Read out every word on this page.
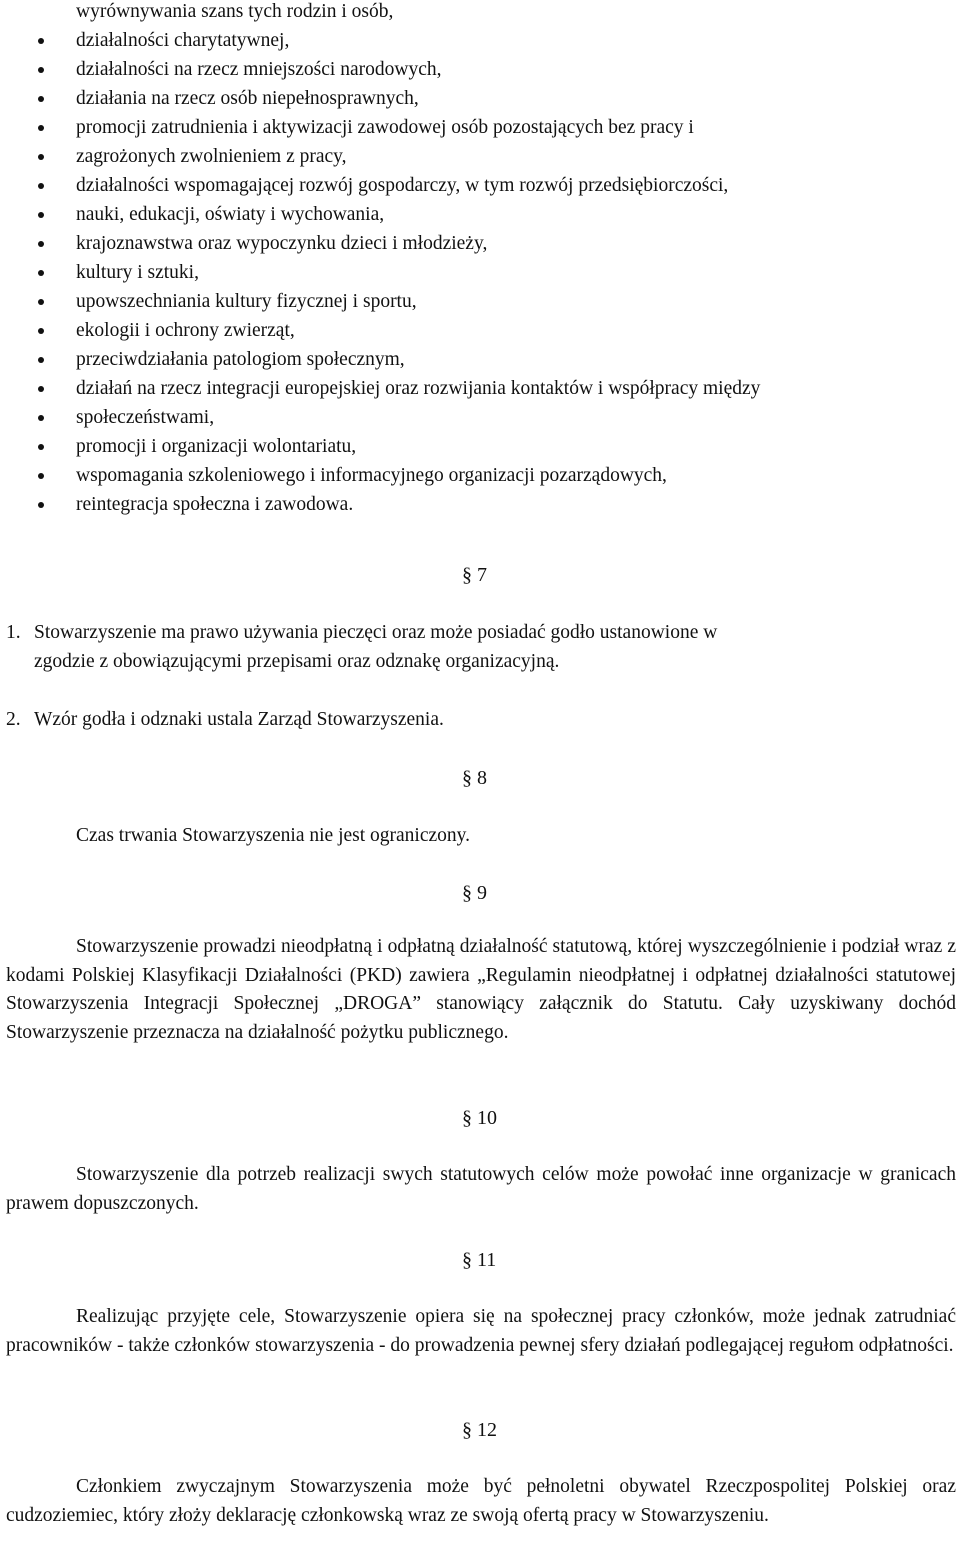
wyrównywania szans tych rodzin i osób,
działalności charytatywnej,
działalności na rzecz mniejszości narodowych,
działania na rzecz osób niepełnosprawnych,
promocji zatrudnienia i aktywizacji zawodowej osób pozostających bez pracy i
zagrożonych zwolnieniem z pracy,
działalności wspomagającej rozwój gospodarczy, w tym rozwój przedsiębiorczości,
nauki, edukacji, oświaty i wychowania,
krajoznawstwa oraz wypoczynku dzieci i młodzieży,
kultury i sztuki,
upowszechniania kultury fizycznej i sportu,
ekologii i ochrony zwierząt,
przeciwdziałania patologiom społecznym,
działań na rzecz integracji europejskiej oraz rozwijania kontaktów i współpracy między
społeczeństwami,
promocji i organizacji wolontariatu,
wspomagania szkoleniowego i informacyjnego organizacji pozarządowych,
reintegracja społeczna i zawodowa.
§ 7
1. Stowarzyszenie ma prawo używania pieczęci oraz może posiadać godło ustanowione w
zgodzie z obowiązującymi przepisami oraz odznakę organizacyjną.
2. Wzór godła i odznaki ustala Zarząd Stowarzyszenia.
§ 8
Czas trwania Stowarzyszenia nie jest ograniczony.
§ 9
Stowarzyszenie prowadzi nieodpłatną i odpłatną działalność statutową, której wyszczególnienie i podział wraz z kodami Polskiej Klasyfikacji Działalności (PKD) zawiera „Regulamin nieodpłatnej i odpłatnej działalności statutowej Stowarzyszenia Integracji Społecznej „DROGA” stanowiący załącznik do Statutu. Cały uzyskiwany dochód Stowarzyszenie przeznacza na działalność pożytku publicznego.
§ 10
Stowarzyszenie dla potrzeb realizacji swych statutowych celów może powołać inne organizacje w granicach prawem dopuszczonych.
§ 11
Realizując przyjęte cele, Stowarzyszenie opiera się na społecznej pracy członków, może jednak zatrudniać pracowników - także członków stowarzyszenia - do prowadzenia pewnej sfery działań podlegającej regułom odpłatności.
§ 12
Członkiem zwyczajnym Stowarzyszenia może być pełnoletni obywatel Rzeczpospolitej Polskiej oraz cudzoziemiec, który złoży deklarację członkowską wraz ze swoją ofertą pracy w Stowarzyszeniu.
